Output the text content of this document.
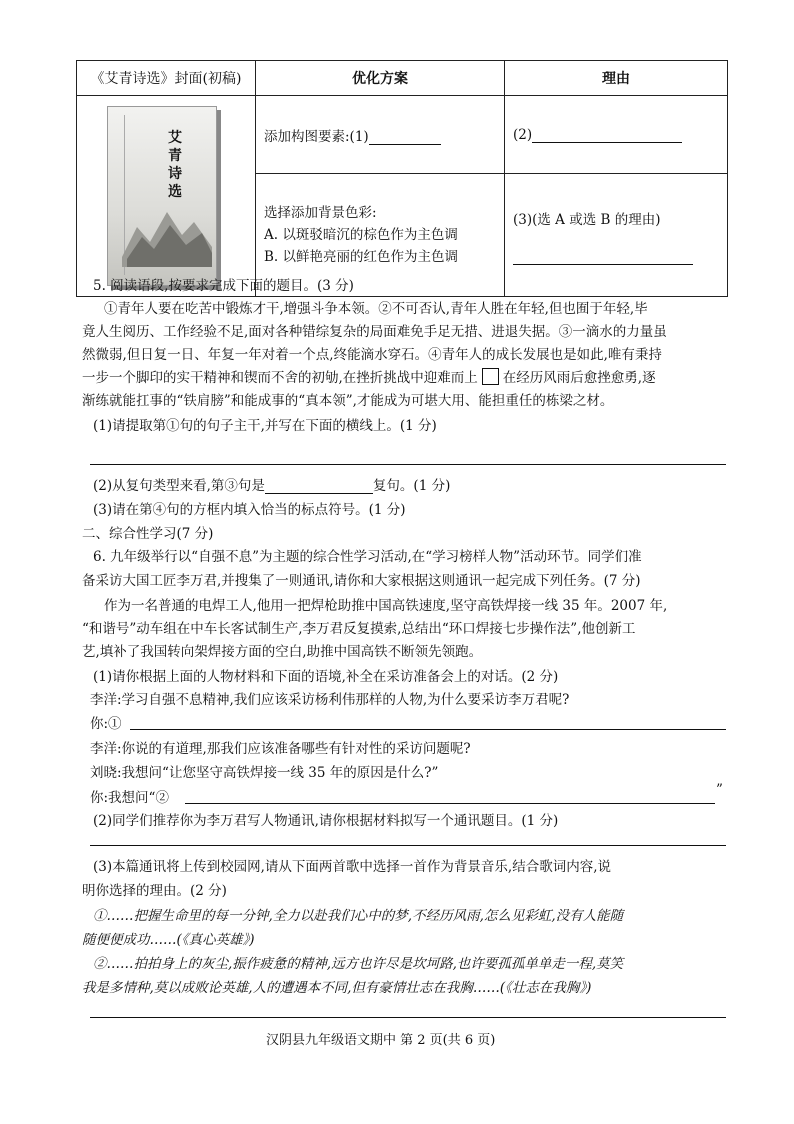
《艾青诗选》封面(初稿)	优化方案	理由

艾青诗选	添加构图要素:(1)	(2)

	选择添加背景色彩:
A. 以斑驳暗沉的棕色作为主色调
B. 以鲜艳亮丽的红色作为主色调	(3)(选 A 或选 B 的理由)
5. 阅读语段,按要求完成下面的题目。(3 分)
①青年人要在吃苦中锻炼才干,增强斗争本领。②不可否认,青年人胜在年轻,但也囿于年轻,毕
竟人生阅历、工作经验不足,面对各种错综复杂的局面难免手足无措、进退失据。③一滴水的力量虽
然微弱,但日复一日、年复一年对着一个点,终能滴水穿石。④青年人的成长发展也是如此,唯有秉持
一步一个脚印的实干精神和锲而不舍的初劬,在挫折挑战中迎难而上 在经历风雨后愈挫愈勇,逐
渐练就能扛事的“铁肩膀”和能成事的“真本领”,才能成为可堪大用、能担重任的栋梁之材。
(1)请提取第①句的句子主干,并写在下面的横线上。(1 分)
(2)从复句类型来看,第③句是	复句。(1 分)
(3)请在第④句的方框内填入恰当的标点符号。(1 分)
二、综合性学习(7 分)
6. 九年级举行以“自强不息”为主题的综合性学习活动,在“学习榜样人物”活动环节。同学们准
备采访大国工匠李万君,并搜集了一则通讯,请你和大家根据这则通讯一起完成下列任务。(7 分)
作为一名普通的电焊工人,他用一把焊枪助推中国高铁速度,坚守高铁焊接一线 35 年。2007 年,
“和谐号”动车组在中车长客试制生产,李万君反复摸索,总结出“环口焊接七步操作法”,他创新工
艺,填补了我国转向架焊接方面的空白,助推中国高铁不断领先领跑。
(1)请你根据上面的人物材料和下面的语境,补全在采访准备会上的对话。(2 分)
李洋:学习自强不息精神,我们应该采访杨利伟那样的人物,为什么要采访李万君呢?
你:①
李洋:你说的有道理,那我们应该准备哪些有针对性的采访问题呢?
刘晓:我想问“让您坚守高铁焊接一线 35 年的原因是什么?”
你:我想问“②	”
(2)同学们推荐你为李万君写人物通讯,请你根据材料拟写一个通讯题目。(1 分)
(3)本篇通讯将上传到校园网,请从下面两首歌中选择一首作为背景音乐,结合歌词内容,说
明你选择的理由。(2 分)
①……把握生命里的每一分钟,全力以赴我们心中的梦,不经历风雨,怎么见彩虹,没有人能随
随便便成功……(《真心英雄》)
②……拍拍身上的灰尘,振作疲惫的精神,远方也许尽是坎坷路,也许要孤孤单单走一程,莫笑
我是多情种,莫以成败论英雄,人的遭遇本不同,但有豪情壮志在我胸……(《壮志在我胸》)
汉阴县九年级语文期中 第 2 页(共 6 页)
